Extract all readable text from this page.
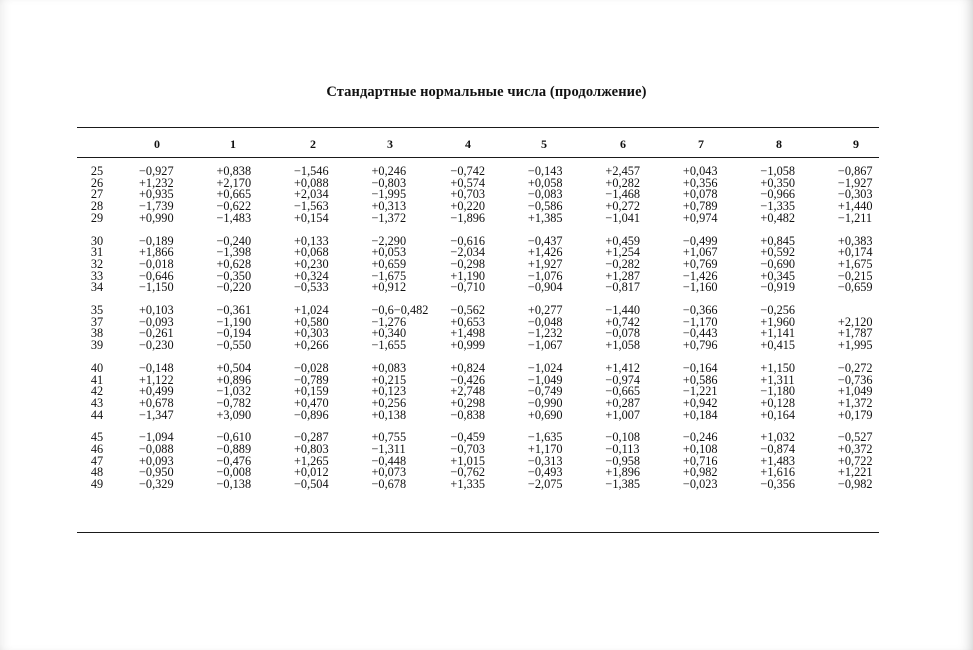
Стандартные нормальные числа (продолжение)
0	1	2	3	4	5	6	7	8	9
25	−0,927	+0,838	−1,546	+0,246	−0,742	−0,143	+2,457	+0,043	−1,058	−0,867
26	+1,232	+2,170	+0,088	−0,803	+0,574	+0,058	+0,282	+0,356	+0,350	−1,927
27	+0,935	+0,665	+2,034	−1,995	+0,703	−0,083	−1,468	+0,078	−0,966	−0,303
28	−1,739	−0,622	−1,563	+0,313	+0,220	−0,586	+0,272	+0,789	−1,335	+1,440
29	+0,990	−1,483	+0,154	−1,372	−1,896	+1,385	−1,041	+0,974	+0,482	−1,211

30	−0,189	−0,240	+0,133	−2,290	−0,616	−0,437	+0,459	−0,499	+0,845	+0,383
31	+1,866	−1,398	+0,068	+0,053	−2,034	+1,426	+1,254	+1,067	+0,592	+0,174
32	−0,018	+0,628	+0,230	+0,659	−0,298	+1,927	−0,282	+0,769	−0,690	+1,675
33	−0,646	−0,350	+0,324	−1,675	+1,190	−1,076	+1,287	−1,426	+0,345	−0,215
34	−1,150	−0,220	−0,533	+0,912	−0,710	−0,904	−0,817	−1,160	−0,919	−0,659

35	+0,103	−0,361	+1,024	−0,6−0,482	−0,562	+0,277	−1,440	−0,366	−0,256	
37	−0,093	−1,190	+0,580	−1,276	+0,653	−0,048	+0,742	−1,170	+1,960	+2,120
38	−0,261	−0,194	+0,303	+0,340	+1,498	−1,232	−0,078	−0,443	+1,141	+1,787
39	−0,230	−0,550	+0,266	−1,655	+0,999	−1,067	+1,058	+0,796	+0,415	+1,995

40	−0,148	+0,504	−0,028	+0,083	+0,824	−1,024	+1,412	−0,164	+1,150	−0,272
41	+1,122	+0,896	−0,789	+0,215	−0,426	−1,049	−0,974	+0,586	+1,311	−0,736
42	+0,499	−1,032	+0,159	+0,123	+2,748	−0,749	−0,665	−1,221	−1,180	+1,049
43	+0,678	−0,782	+0,470	+0,256	+0,298	−0,990	+0,287	+0,942	+0,128	+1,372
44	−1,347	+3,090	−0,896	+0,138	−0,838	+0,690	+1,007	+0,184	+0,164	+0,179

45	−1,094	−0,610	−0,287	+0,755	−0,459	−1,635	−0,108	−0,246	+1,032	−0,527
46	−0,088	−0,889	+0,803	−1,311	−0,703	+1,170	−0,113	+0,108	−0,874	+0,372
47	+0,093	−0,476	+1,265	−0,448	+1,015	−0,313	−0,958	+0,716	+1,483	+0,722
48	−0,950	−0,008	+0,012	+0,073	−0,762	−0,493	+1,896	+0,982	+1,616	+1,221
49	−0,329	−0,138	−0,504	−0,678	+1,335	−2,075	−1,385	−0,023	−0,356	−0,982
